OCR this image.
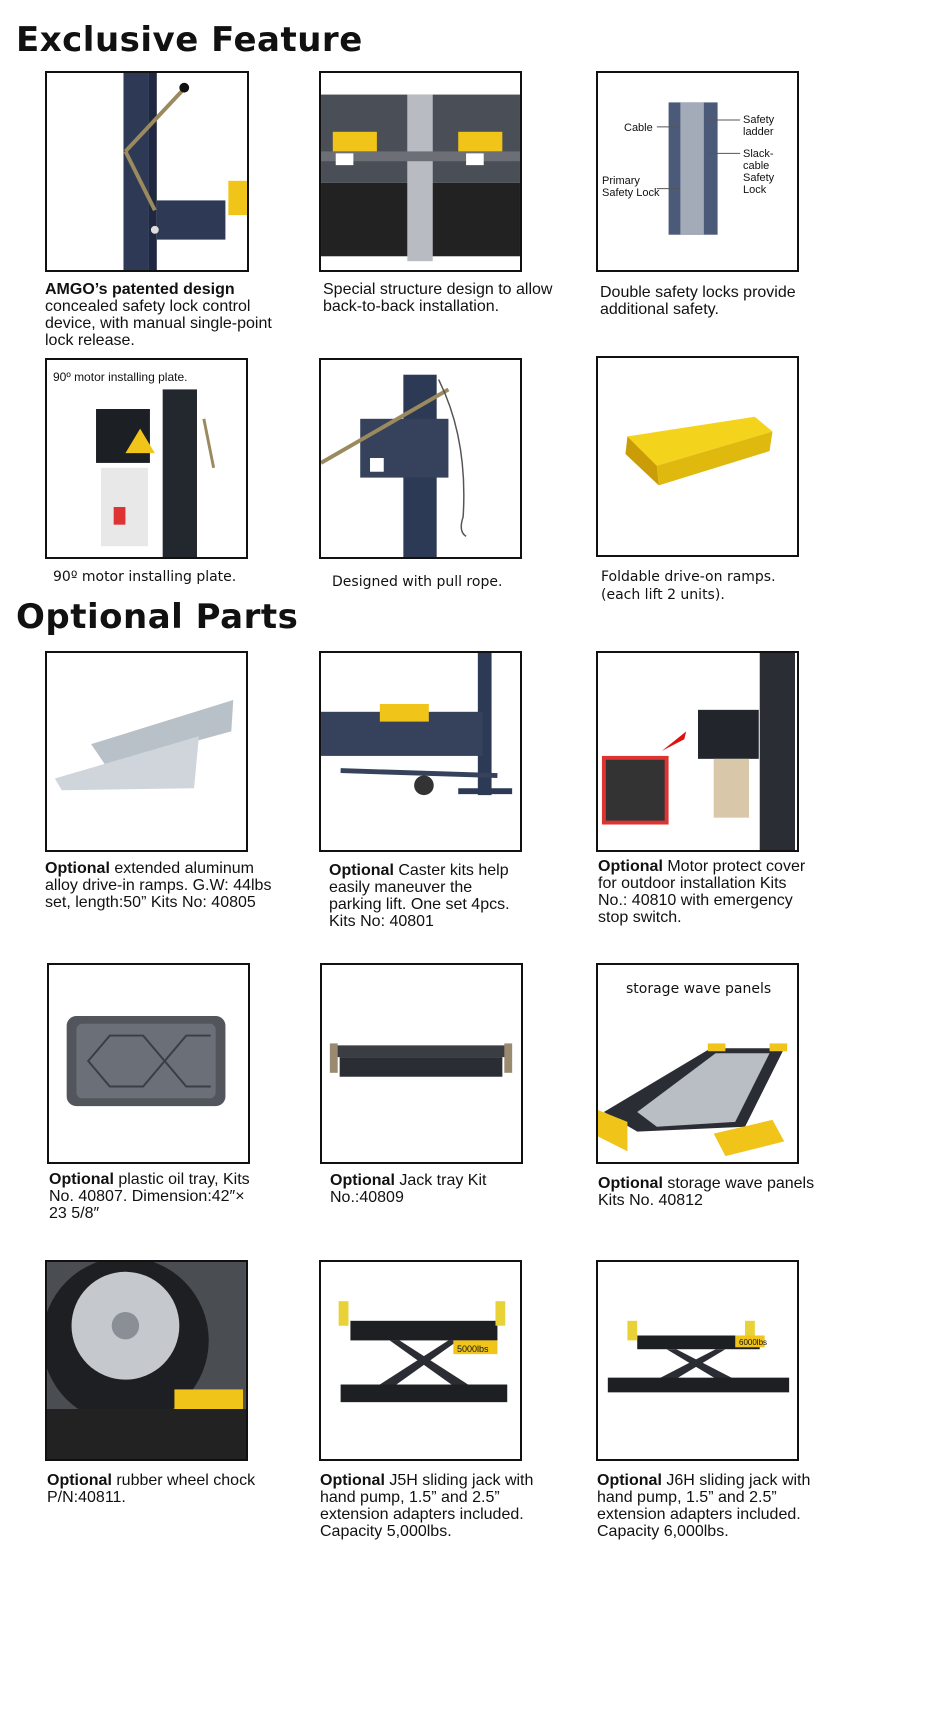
Exclusive Feature
Cable
Safety ladder
Slack-cable Safety Lock
Primary Safety Lock
AMGO’s patented design
concealed safety lock control device, with manual single-point lock release.
Special structure design to allow back-to-back installation.
Double safety locks provide additional safety.
90º motor installing plate.
90º motor installing plate.	Designed with pull rope.	Foldable drive-on ramps. (each lift 2 units).
Optional Parts
Optional extended aluminum alloy drive-in ramps. G.W: 44lbs set, length:50” Kits No: 40805
Optional Caster kits help easily maneuver the parking lift. One set 4pcs. Kits No: 40801
Optional Motor protect cover for outdoor installation Kits No.: 40810 with emergency stop switch.
storage wave panels
Optional plastic oil tray, Kits No. 40807. Dimension:42″× 23 5/8″
Optional Jack tray Kit No.:40809
Optional storage wave panels Kits No. 40812
5000lbs
6000lbs
Optional rubber wheel chock P/N:40811.
Optional J5H sliding jack with hand pump, 1.5” and 2.5” extension adapters included. Capacity 5,000lbs.
Optional J6H sliding jack with hand pump, 1.5” and 2.5” extension adapters included. Capacity 6,000lbs.
